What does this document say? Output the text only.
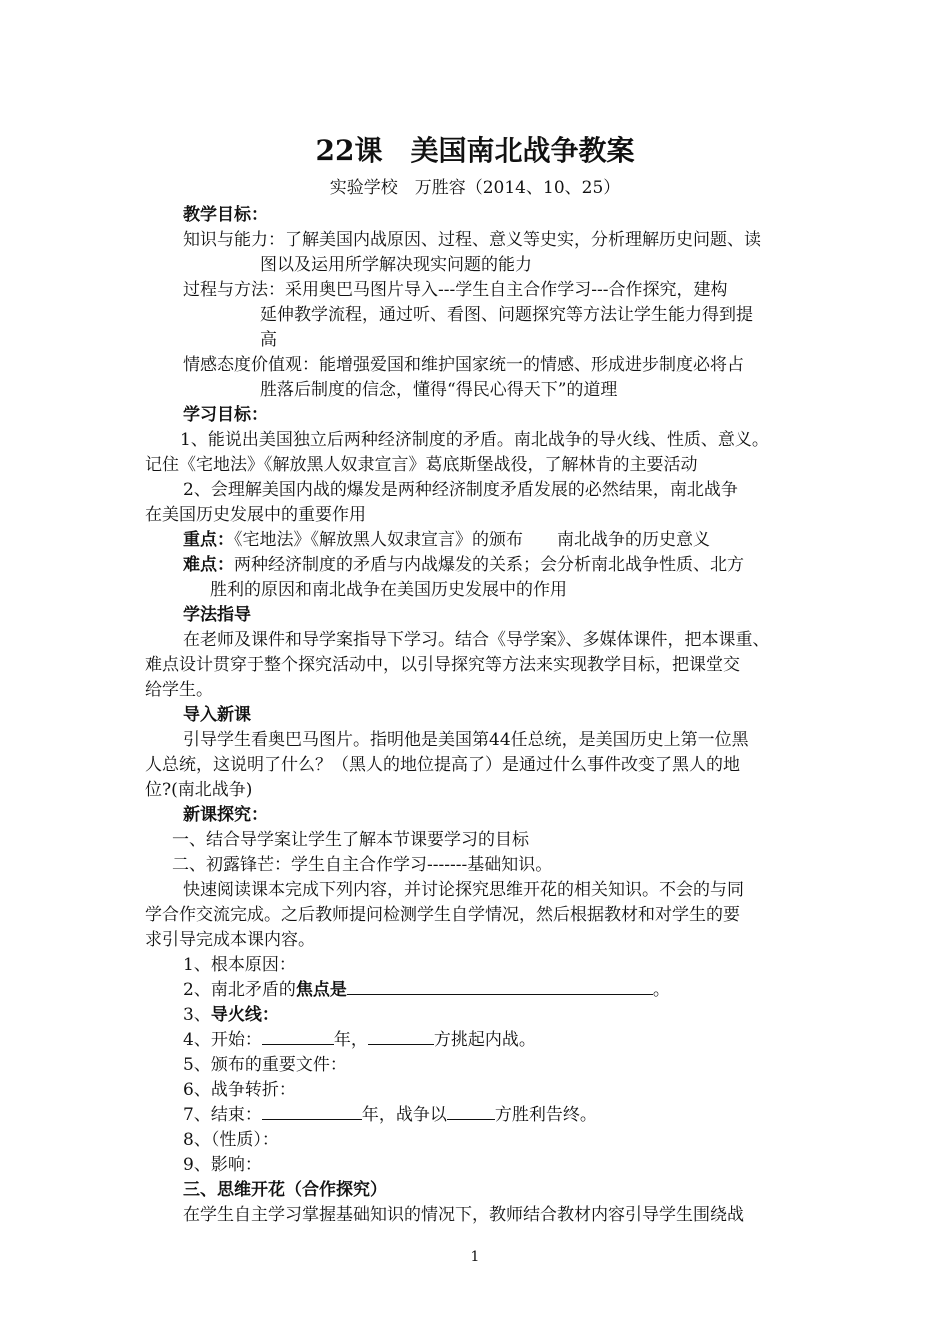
22课　美国南北战争教案
实验学校　万胜容（2014、10、25）
教学目标：
知识与能力：了解美国内战原因、过程、意义等史实，分析理解历史问题、读
图以及运用所学解决现实问题的能力
过程与方法：采用奥巴马图片导入---学生自主合作学习---合作探究，建构
延伸教学流程，通过听、看图、问题探究等方法让学生能力得到提
高
情感态度价值观：能增强爱国和维护国家统一的情感、形成进步制度必将占
胜落后制度的信念，懂得“得民心得天下”的道理
学习目标：
1、能说出美国独立后两种经济制度的矛盾。南北战争的导火线、性质、意义。
记住《宅地法》《解放黑人奴隶宣言》葛底斯堡战役，了解林肯的主要活动
2、会理解美国内战的爆发是两种经济制度矛盾发展的必然结果，南北战争
在美国历史发展中的重要作用
重点：《宅地法》《解放黑人奴隶宣言》的颁布　　南北战争的历史意义
难点：两种经济制度的矛盾与内战爆发的关系；会分析南北战争性质、北方
胜利的原因和南北战争在美国历史发展中的作用
学法指导
在老师及课件和导学案指导下学习。结合《导学案》、多媒体课件，把本课重、
难点设计贯穿于整个探究活动中，以引导探究等方法来实现教学目标，把课堂交
给学生。
导入新课
引导学生看奥巴马图片。指明他是美国第44任总统，是美国历史上第一位黑
人总统，这说明了什么？（黑人的地位提高了）是通过什么事件改变了黑人的地
位?(南北战争)
新课探究：
一、结合导学案让学生了解本节课要学习的目标
二、初露锋芒：学生自主合作学习-------基础知识。
快速阅读课本完成下列内容，并讨论探究思维开花的相关知识。不会的与同
学合作交流完成。之后教师提问检测学生自学情况，然后根据教材和对学生的要
求引导完成本课内容。
1、根本原因：
2、南北矛盾的焦点是	。
3、导火线：
4、开始：	年，	方挑起内战。
5、颁布的重要文件：
6、战争转折：
7、结束：	年，战争以	方胜利告终。
8、（性质）：
9、影响：
三、思维开花（合作探究）
在学生自主学习掌握基础知识的情况下，教师结合教材内容引导学生围绕战
1
